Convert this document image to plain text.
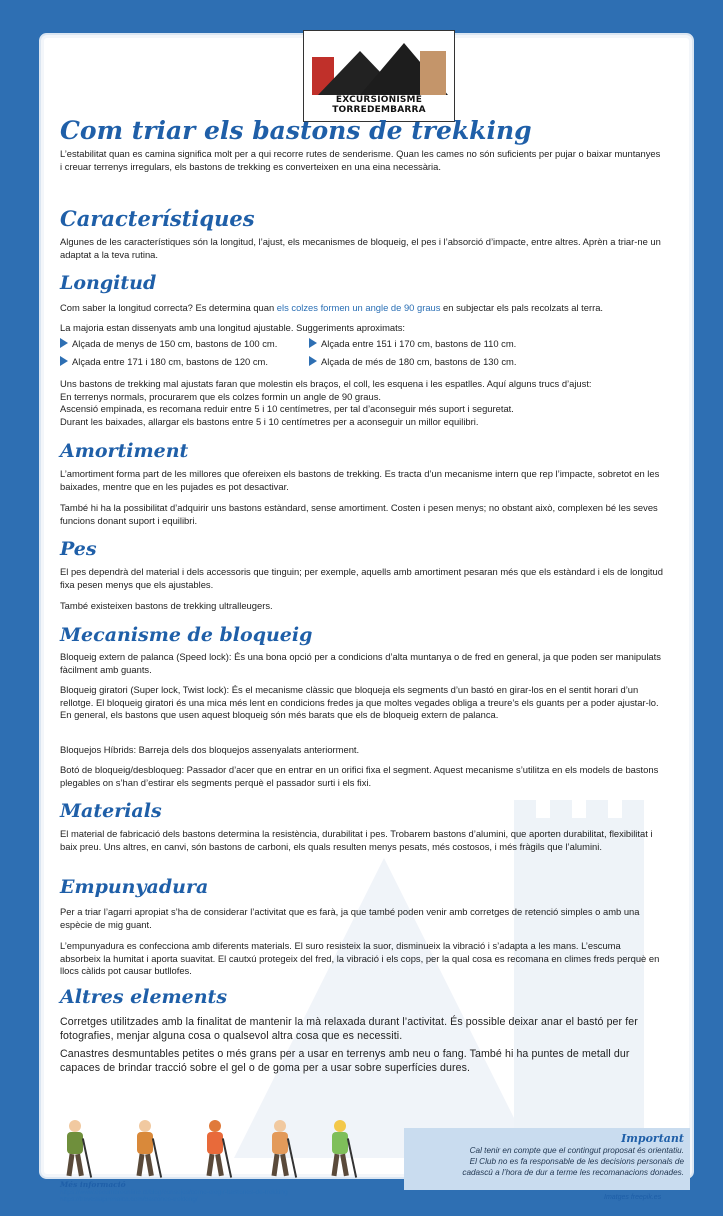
EXCURSIONISME TORREDEMBARRA
Com triar els bastons de trekking
L’estabilitat quan es camina significa molt per a qui recorre rutes de senderisme. Quan les cames no són suficients per pujar o baixar muntanyes i creuar terrenys irregulars, els bastons de trekking es converteixen en una eina necessària.
Característiques
Algunes de les característiques són la longitud, l’ajust, els mecanismes de bloqueig, el pes i l’absorció d’impacte, entre altres. Aprèn a triar-ne un adaptat a la teva rutina.
Longitud
Com saber la longitud correcta? Es determina quan els colzes formen un angle de 90 graus en subjectar els pals recolzats al terra.
La majoria estan dissenyats amb una longitud ajustable. Suggeriments aproximats:
Alçada de menys de 150 cm, bastons de 100 cm.	Alçada entre 151 i 170 cm, bastons de 110 cm.
Alçada entre 171 i 180 cm, bastons de 120 cm.	Alçada de més de 180 cm, bastons de 130 cm.
Uns bastons de trekking mal ajustats faran que molestin els braços, el coll, les esquena i les espatlles. Aquí alguns trucs d’ajust:
En terrenys normals, procurarem que els colzes formin un angle de 90 graus.
Ascensió empinada, es recomana reduir entre 5 i 10 centímetres, per tal d’aconseguir més suport i seguretat.
Durant les baixades, allargar els bastons entre 5 i 10 centímetres per a aconseguir un millor equilibri.
Amortiment
L’amortiment forma part de les millores que ofereixen els bastons de trekking. Es tracta d’un mecanisme intern que rep l’impacte, sobretot en les baixades, mentre que en les pujades es pot desactivar.
També hi ha la possibilitat d’adquirir uns bastons estàndard, sense amortiment. Costen i pesen menys; no obstant això, complexen bé les seves funcions donant suport i equilibri.
Pes
El pes dependrà del material i dels accessoris que tinguin; per exemple, aquells amb amortiment pesaran més que els estàndard i els de longitud fixa pesen menys que els ajustables.
També existeixen bastons de trekking ultralleugers.
Mecanisme de bloqueig
Bloqueig extern de palanca (Speed lock): És una bona opció per a condicions d’alta muntanya o de fred en general, ja que poden ser manipulats fàcilment amb guants.
Bloqueig giratori (Super lock, Twist lock): És el mecanisme clàssic que bloqueja els segments d’un bastó en girar-los en el sentit horari d’un rellotge. El bloqueig giratori és una mica més lent en condicions fredes ja que moltes vegades obliga a treure’s els guants per a poder ajustar-lo. En general, els bastons que usen aquest bloqueig són més barats que els de bloqueig extern de palanca.
Bloquejos Híbrids: Barreja dels dos bloquejos assenyalats anteriorment.
Botó de bloqueig/desbloqueg: Passador d’acer que en entrar en un orifici fixa el segment. Aquest mecanisme s’utilitza en els models de bastons plegables on s’han d’estirar els segments perquè el passador surti i els fixi.
Materials
El material de fabricació dels bastons determina la resistència, durabilitat i pes. Trobarem bastons d’alumini, que aporten durabilitat, flexibilitat i baix preu. Uns altres, en canvi, són bastons de carboni, els quals resulten menys pesats, més costosos, i més fràgils que l’alumini.
Empunyadura
Per a triar l’agarri apropiat s’ha de considerar l’activitat que es farà, ja que també poden venir amb corretges de retenció simples o amb una espècie de mig guant.
L’empunyadura es confecciona amb diferents materials. El suro resisteix la suor, disminueix la vibració i s’adapta a les mans. L’escuma absorbeix la humitat i aporta suavitat. El cautxú protegeix del fred, la vibració i els cops, per la qual cosa es recomana en climes freds perquè en llocs càlids pot causar butllofes.
Altres elements
Corretges utilitzades amb la finalitat de mantenir la mà relaxada durant l’activitat. És possible deixar anar el bastó per fer fotografies, menjar alguna cosa o qualsevol altra cosa que es necessiti.
Canastres desmuntables petites o més grans per a usar en terrenys amb neu o fang. També hi ha puntes de metall dur capaces de brindar tracció sobre el gel o de goma per a usar sobre superfícies dures.
Important
Cal tenir en compte que el contingut proposat és orientatiu.
El Club no es fa responsable de les decisions personals de
cadascú a l’hora de dur a terme les recomanacions donades.
Més informació
https://www.escumbreonline.cl/blog/consejos/como-elegir-bastones-de-trekking
https://travesiapirenaica.com/bastones-trekking/	Imatges freepik.es
